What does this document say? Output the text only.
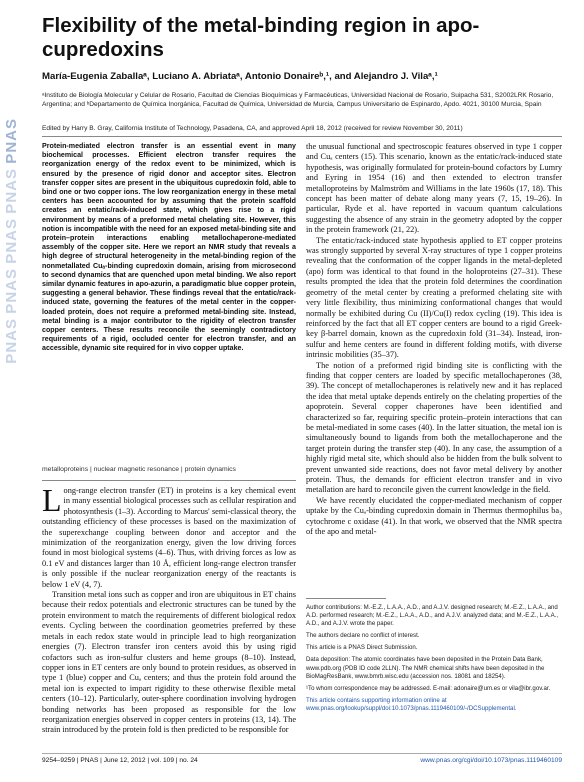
PNAS
PNAS
PNAS
PNAS
PNAS
Flexibility of the metal-binding region in apo-cupredoxins
María-Eugenia Zaballaᵃ, Luciano A. Abriataᵃ, Antonio Donaireᵇ,¹, and Alejandro J. Vilaᵃ,¹
ᵃInstituto de Biología Molecular y Celular de Rosario, Facultad de Ciencias Bioquímicas y Farmacéuticas, Universidad Nacional de Rosario, Suipacha 531, S2002LRK Rosario, Argentina; and ᵇDepartamento de Química Inorgánica, Facultad de Química, Universidad de Murcia, Campus Universitario de Espinardo, Apdo. 4021, 30100 Murcia, Spain
Edited by Harry B. Gray, California Institute of Technology, Pasadena, CA, and approved April 18, 2012 (received for review November 30, 2011)
Protein-mediated electron transfer is an essential event in many biochemical processes. Efficient electron transfer requires the reorganization energy of the redox event to be minimized, which is ensured by the presence of rigid donor and acceptor sites. Electron transfer copper sites are present in the ubiquitous cupredoxin fold, able to bind one or two copper ions. The low reorganization energy in these metal centers has been accounted for by assuming that the protein scaffold creates an entatic/rack-induced state, which gives rise to a rigid environment by means of a preformed metal chelating site. However, this notion is incompatible with the need for an exposed metal-binding site and protein–protein interactions enabling metallochaperone-mediated assembly of the copper site. Here we report an NMR study that reveals a high degree of structural heterogeneity in the metal-binding region of the nonmetallated Cuₐ-binding cupredoxin domain, arising from microsecond to second dynamics that are quenched upon metal binding. We also report similar dynamic features in apo-azurin, a paradigmatic blue copper protein, suggesting a general behavior. These findings reveal that the entatic/rack-induced state, governing the features of the metal center in the copper-loaded protein, does not require a preformed metal-binding site. Instead, metal binding is a major contributor to the rigidity of electron transfer copper centers. These results reconcile the seemingly contradictory requirements of a rigid, occluded center for electron transfer, and an accessible, dynamic site required for in vivo copper uptake.
metalloproteins | nuclear magnetic resonance | protein dynamics

Long-range electron transfer (ET) in proteins is a key chemical event in many essential biological processes such as cellular respiration and photosynthesis (1–3). According to Marcus' semi-classical theory, the outstanding efficiency of these processes is based on the maximization of the superexchange coupling between donor and acceptor and the minimization of the reorganization energy, given the low driving forces found in most biological systems (4–6). Thus, with driving forces as low as 0.1 eV and distances larger than 10 Å, efficient long-range electron transfer is only possible if the nuclear reorganization energy of the reactants is below 1 eV (4, 7).

Transition metal ions such as copper and iron are ubiquitous in ET chains because their redox potentials and electronic structures can be tuned by the protein environment to match the requirements of different biological redox events. Cycling between the coordination geometries preferred by these metals in each redox state would in principle lead to high reorganization energies (7). Electron transfer iron centers avoid this by using rigid cofactors such as iron-sulfur clusters and heme groups (8–10). Instead, copper ions in ET centers are only bound to protein residues, as observed in type 1 (blue) copper and Cuₐ centers; and thus the protein fold around the metal ion is expected to impart rigidity to these otherwise flexible metal centers (10–12). Particularly, outer-sphere coordination involving hydrogen bonding networks has been proposed as responsible for the low reorganization energies observed in copper centers in proteins (13, 14). The strain introduced by the protein fold is then predicted to be responsible for

the unusual functional and spectroscopic features observed in type 1 copper and Cuₐ centers (15). This scenario, known as the entatic/rack-induced state hypothesis, was originally formulated for protein-bound cofactors by Lumry and Eyring in 1954 (16) and then extended to electron transfer metalloproteins by Malmström and Williams in the late 1960s (17, 18). This concept has been matter of debate along many years (7, 15, 19–26). In particular, Ryde et al. have reported in vacuum quantum calculations suggesting the absence of any strain in the geometry adopted by the copper in the protein framework (21, 22).

The entatic/rack-induced state hypothesis applied to ET copper proteins was strongly supported by several X-ray structures of type 1 copper proteins revealing that the conformation of the copper ligands in the metal-depleted (apo) form was identical to that found in the holoproteins (27–31). These results prompted the idea that the protein fold determines the coordination geometry of the metal center by creating a preformed chelating site with very little flexibility, thus minimizing conformational changes that would normally be exhibited during Cu (II)/Cu(I) redox cycling (19). This idea is reinforced by the fact that all ET copper centers are bound to a rigid Greek-key β-barrel domain, known as the cupredoxin fold (31–34). Instead, iron-sulfur and heme centers are found in different folding motifs, with diverse intrinsic mobilities (35–37).

The notion of a preformed rigid binding site is conflicting with the finding that copper centers are loaded by specific metallochaperones (38, 39). The concept of metallochaperones is relatively new and it has replaced the idea that metal uptake depends entirely on the chelating properties of the apoprotein. Several copper chaperones have been identified and characterized so far, requiring specific protein–protein interactions that can be metal-mediated in some cases (40). In the latter situation, the metal ion is simultaneously bound to ligands from both the metallochaperone and the target protein during the transfer step (40). In any case, the assumption of a highly rigid metal site, which should also be hidden from the bulk solvent to prevent unwanted side reactions, does not favor metal delivery by another protein. Thus, the demands for efficient electron transfer and in vivo metallation are hard to reconcile given the current knowledge in the field.

We have recently elucidated the copper-mediated mechanism of copper uptake by the Cuₐ-binding cupredoxin domain in Thermus thermophilus ba₃ cytochrome c oxidase (41). In that work, we observed that the NMR spectra of the apo and metal-

Author contributions: M.-E.Z., L.A.A., A.D., and A.J.V. designed research; M.-E.Z., L.A.A., and A.D. performed research; M.-E.Z., L.A.A., A.D., and A.J.V. analyzed data; and M.-E.Z., L.A.A., A.D., and A.J.V. wrote the paper.

The authors declare no conflict of interest.

This article is a PNAS Direct Submission.

Data deposition: The atomic coordinates have been deposited in the Protein Data Bank, www.pdb.org (PDB ID code 2LLN). The NMR chemical shifts have been deposited in the BioMagResBank, www.bmrb.wisc.edu (accession nos. 18081 and 18254).

¹To whom correspondence may be addressed. E-mail: adonaire@um.es or vila@ibr.gov.ar.

This article contains supporting information online at www.pnas.org/lookup/suppl/doi:10.1073/pnas.1119460109/-/DCSupplemental.

9254–9259 | PNAS | June 12, 2012 | vol. 109 | no. 24	www.pnas.org/cgi/doi/10.1073/pnas.1119460109
